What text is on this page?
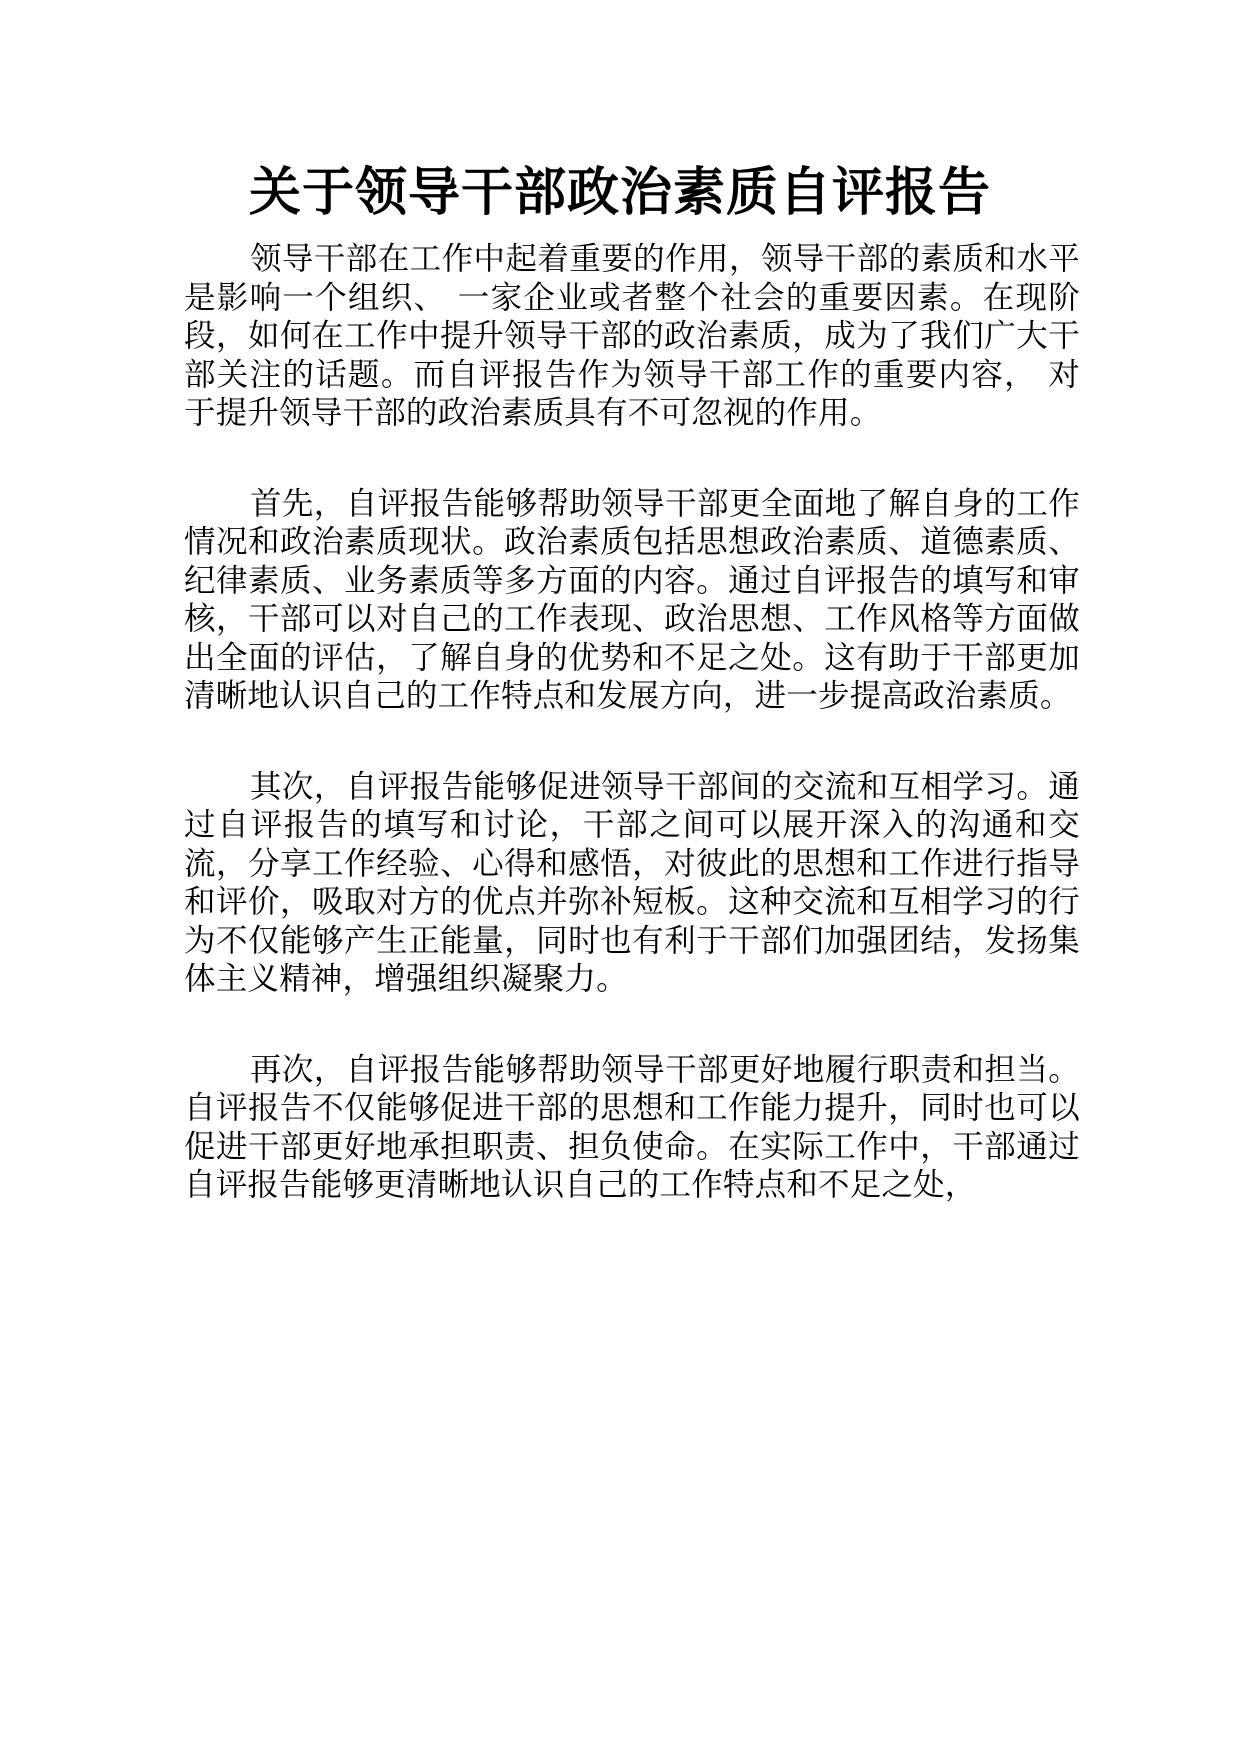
关于领导干部政治素质自评报告

领导干部在工作中起着重要的作用，领导干部的素质和水平是影响一个组织、 一家企业或者整个社会的重要因素。在现阶段，如何在工作中提升领导干部的政治素质，成为了我们广大干部关注的话题。而自评报告作为领导干部工作的重要内容， 对于提升领导干部的政治素质具有不可忽视的作用。

首先，自评报告能够帮助领导干部更全面地了解自身的工作情况和政治素质现状。政治素质包括思想政治素质、道德素质、纪律素质、业务素质等多方面的内容。通过自评报告的填写和审核，干部可以对自己的工作表现、政治思想、工作风格等方面做出全面的评估，了解自身的优势和不足之处。这有助于干部更加清晰地认识自己的工作特点和发展方向，进一步提高政治素质。

其次，自评报告能够促进领导干部间的交流和互相学习。通过自评报告的填写和讨论，干部之间可以展开深入的沟通和交流，分享工作经验、心得和感悟，对彼此的思想和工作进行指导和评价，吸取对方的优点并弥补短板。这种交流和互相学习的行为不仅能够产生正能量，同时也有利于干部们加强团结，发扬集体主义精神，增强组织凝聚力。

再次，自评报告能够帮助领导干部更好地履行职责和担当。自评报告不仅能够促进干部的思想和工作能力提升，同时也可以促进干部更好地承担职责、担负使命。在实际工作中，干部通过自评报告能够更清晰地认识自己的工作特点和不足之处，
